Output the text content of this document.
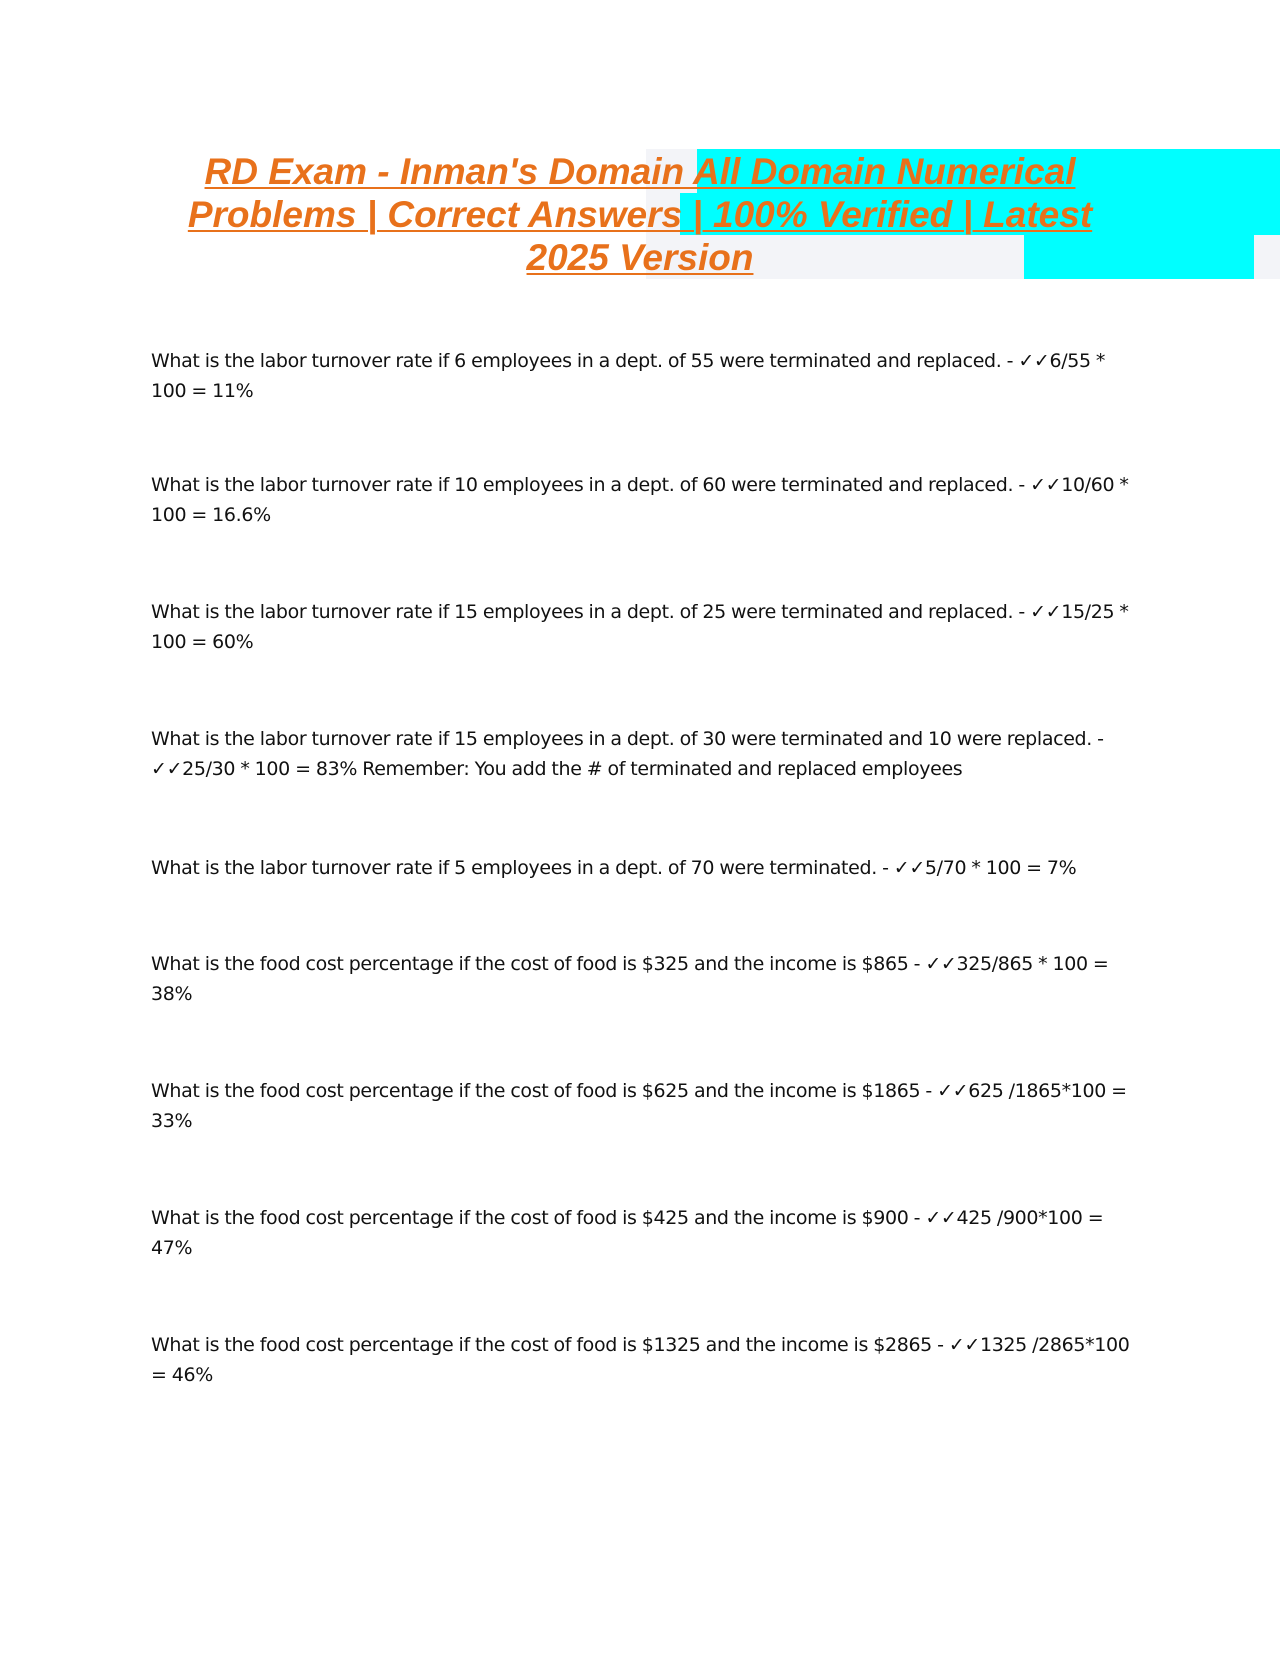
RD Exam - Inman's Domain All Domain Numerical Problems | Correct Answers | 100% Verified | Latest 2025 Version

What is the labor turnover rate if 6 employees in a dept. of 55 were terminated and replaced. - ✓✓6/55 * 100 = 11%

What is the labor turnover rate if 10 employees in a dept. of 60 were terminated and replaced. - ✓✓10/60 * 100 = 16.6%

What is the labor turnover rate if 15 employees in a dept. of 25 were terminated and replaced. - ✓✓15/25 * 100 = 60%

What is the labor turnover rate if 15 employees in a dept. of 30 were terminated and 10 were replaced. - ✓✓25/30 * 100 = 83% Remember: You add the # of terminated and replaced employees

What is the labor turnover rate if 5 employees in a dept. of 70 were terminated. - ✓✓5/70 * 100 = 7%

What is the food cost percentage if the cost of food is $325 and the income is $865 - ✓✓325/865 * 100 = 38%

What is the food cost percentage if the cost of food is $625 and the income is $1865 - ✓✓625 /1865*100 = 33%

What is the food cost percentage if the cost of food is $425 and the income is $900 - ✓✓425 /900*100 = 47%

What is the food cost percentage if the cost of food is $1325 and the income is $2865 - ✓✓1325 /2865*100 = 46%
